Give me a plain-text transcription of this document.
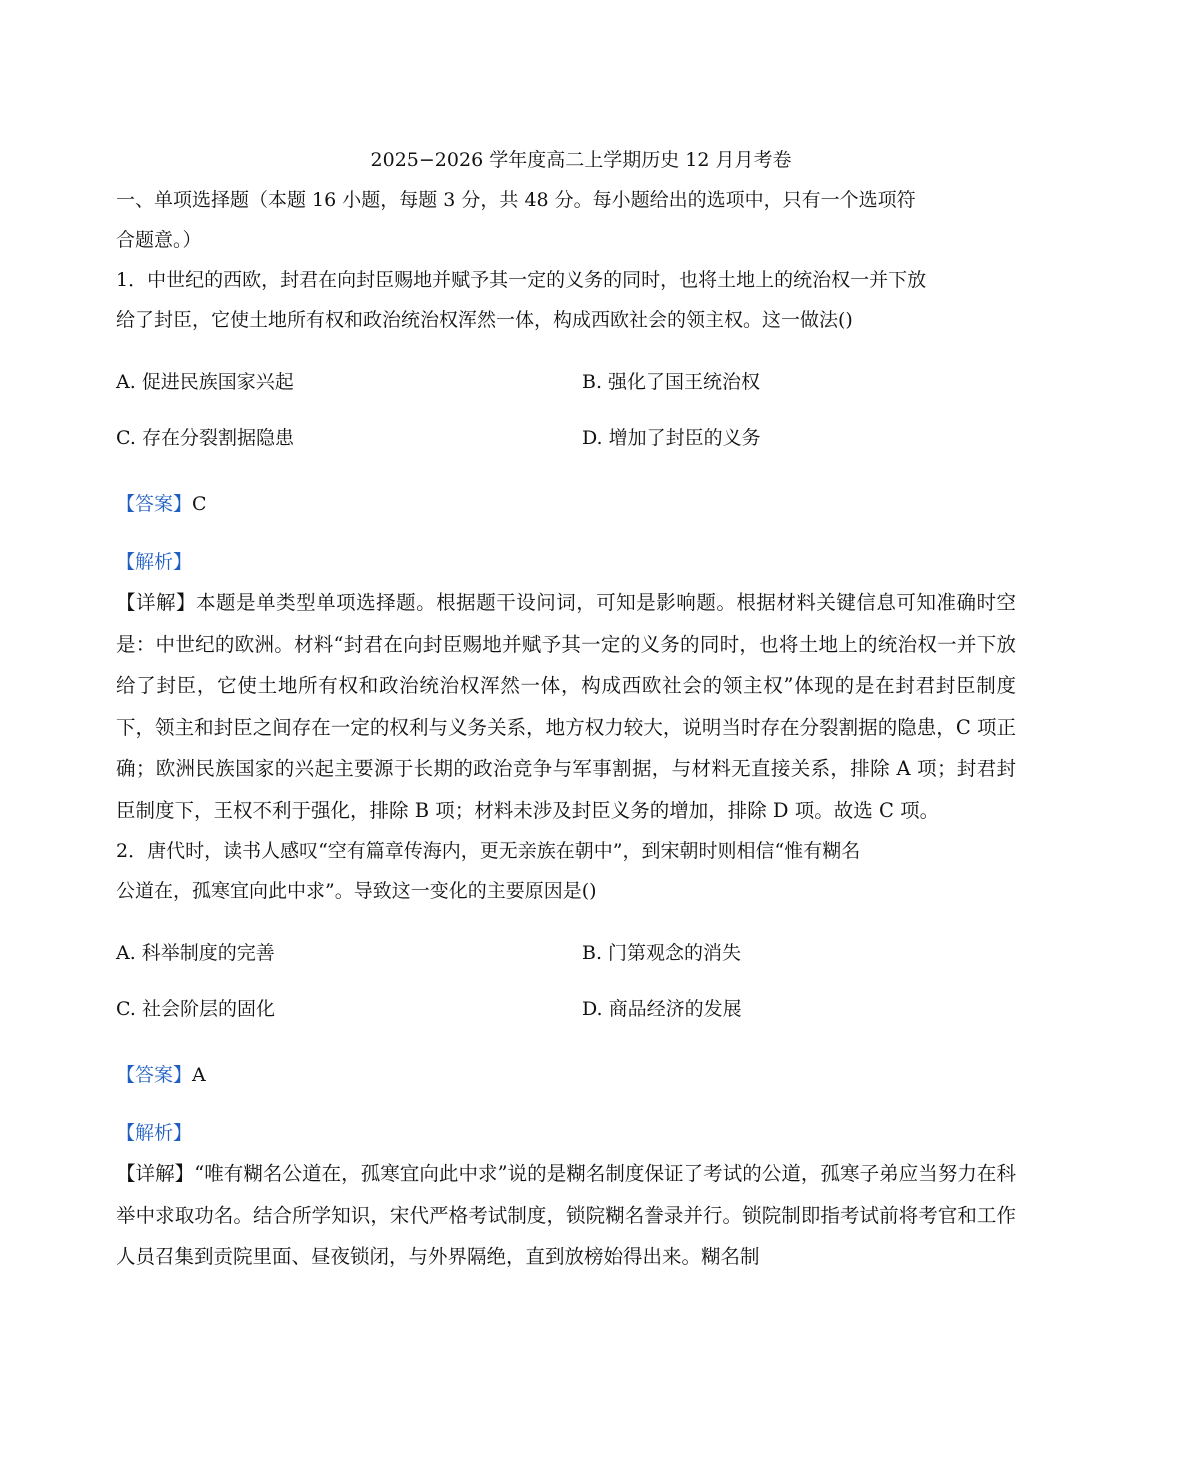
2025−2026 学年度高二上学期历史 12 月月考卷

一、单项选择题（本题 16 小题，每题 3 分，共 48 分。每小题给出的选项中，只有一个选项符

合题意。）

1．中世纪的西欧，封君在向封臣赐地并赋予其一定的义务的同时，也将土地上的统治权一并下放

给了封臣，它使土地所有权和政治统治权浑然一体，构成西欧社会的领主权。这一做法()

A. 促进民族国家兴起	B. 强化了国王统治权
C. 存在分裂割据隐患	D. 增加了封臣的义务
【答案】C
【解析】

【详解】本题是单类型单项选择题。根据题干设问词，可知是影响题。根据材料关键信息可知准确时空是：中世纪的欧洲。材料“封君在向封臣赐地并赋予其一定的义务的同时，也将土地上的统治权一并下放给了封臣，它使土地所有权和政治统治权浑然一体，构成西欧社会的领主权”体现的是在封君封臣制度下，领主和封臣之间存在一定的权利与义务关系，地方权力较大，说明当时存在分裂割据的隐患，C 项正确；欧洲民族国家的兴起主要源于长期的政治竞争与军事割据，与材料无直接关系，排除 A 项；封君封臣制度下，王权不利于强化，排除 B 项；材料未涉及封臣义务的增加，排除 D 项。故选 C 项。

2．唐代时，读书人感叹“空有篇章传海内，更无亲族在朝中”，到宋朝时则相信“惟有糊名

公道在，孤寒宜向此中求”。导致这一变化的主要原因是()

A. 科举制度的完善	B. 门第观念的消失
C. 社会阶层的固化	D. 商品经济的发展
【答案】A
【解析】

【详解】“唯有糊名公道在，孤寒宜向此中求”说的是糊名制度保证了考试的公道，孤寒子弟应当努力在科举中求取功名。结合所学知识，宋代严格考试制度，锁院糊名誊录并行。锁院制即指考试前将考官和工作人员召集到贡院里面、昼夜锁闭，与外界隔绝，直到放榜始得出来。糊名制
